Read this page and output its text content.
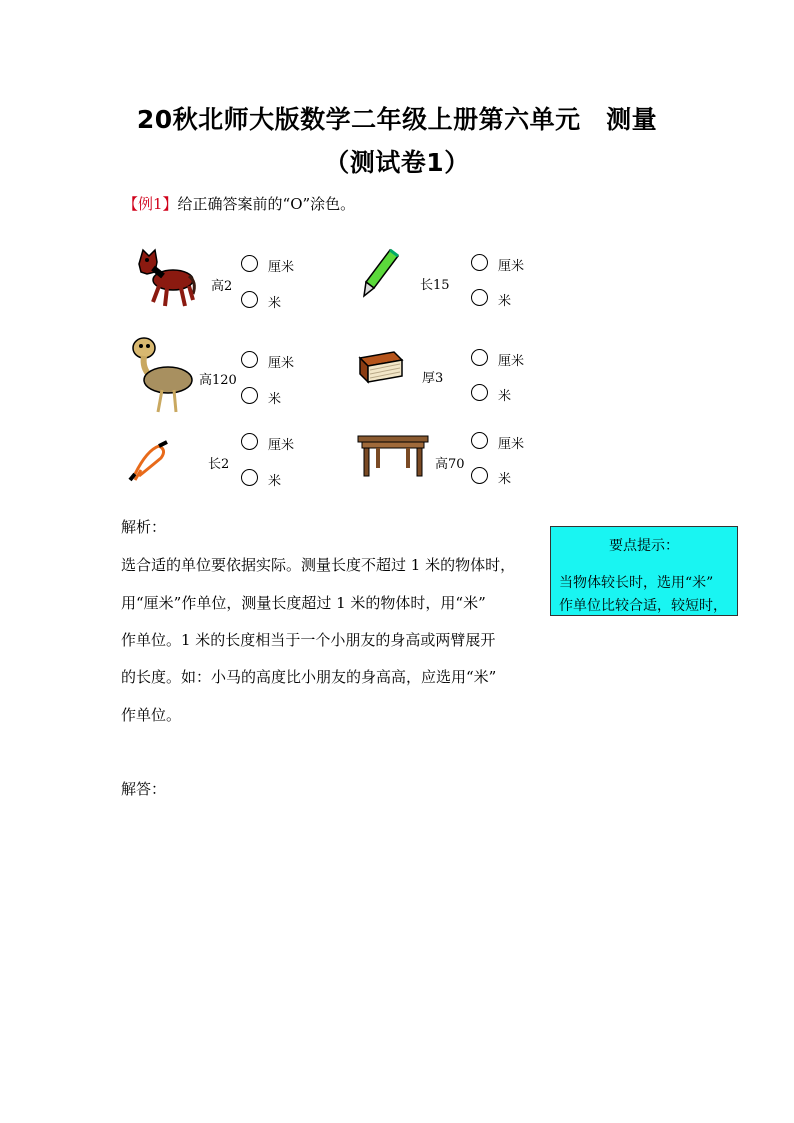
20秋北师大版数学二年级上册第六单元　测量
（测试卷1）
【例1】给正确答案前的“O”涂色。
高2
厘米
米
长15
厘米
米
高120
厘米
米
厚3
厘米
米
长2
厘米
米
高70
厘米
米
解析：
选合适的单位要依据实际。测量长度不超过 1 米的物体时，
用“厘米”作单位，测量长度超过 1 米的物体时，用“米”
作单位。1 米的长度相当于一个小朋友的身高或两臂展开
的长度。如：小马的高度比小朋友的身高高，应选用“米”
作单位。
解答：
要点提示：
当物体较长时，选用“米”
作单位比较合适，较短时，
